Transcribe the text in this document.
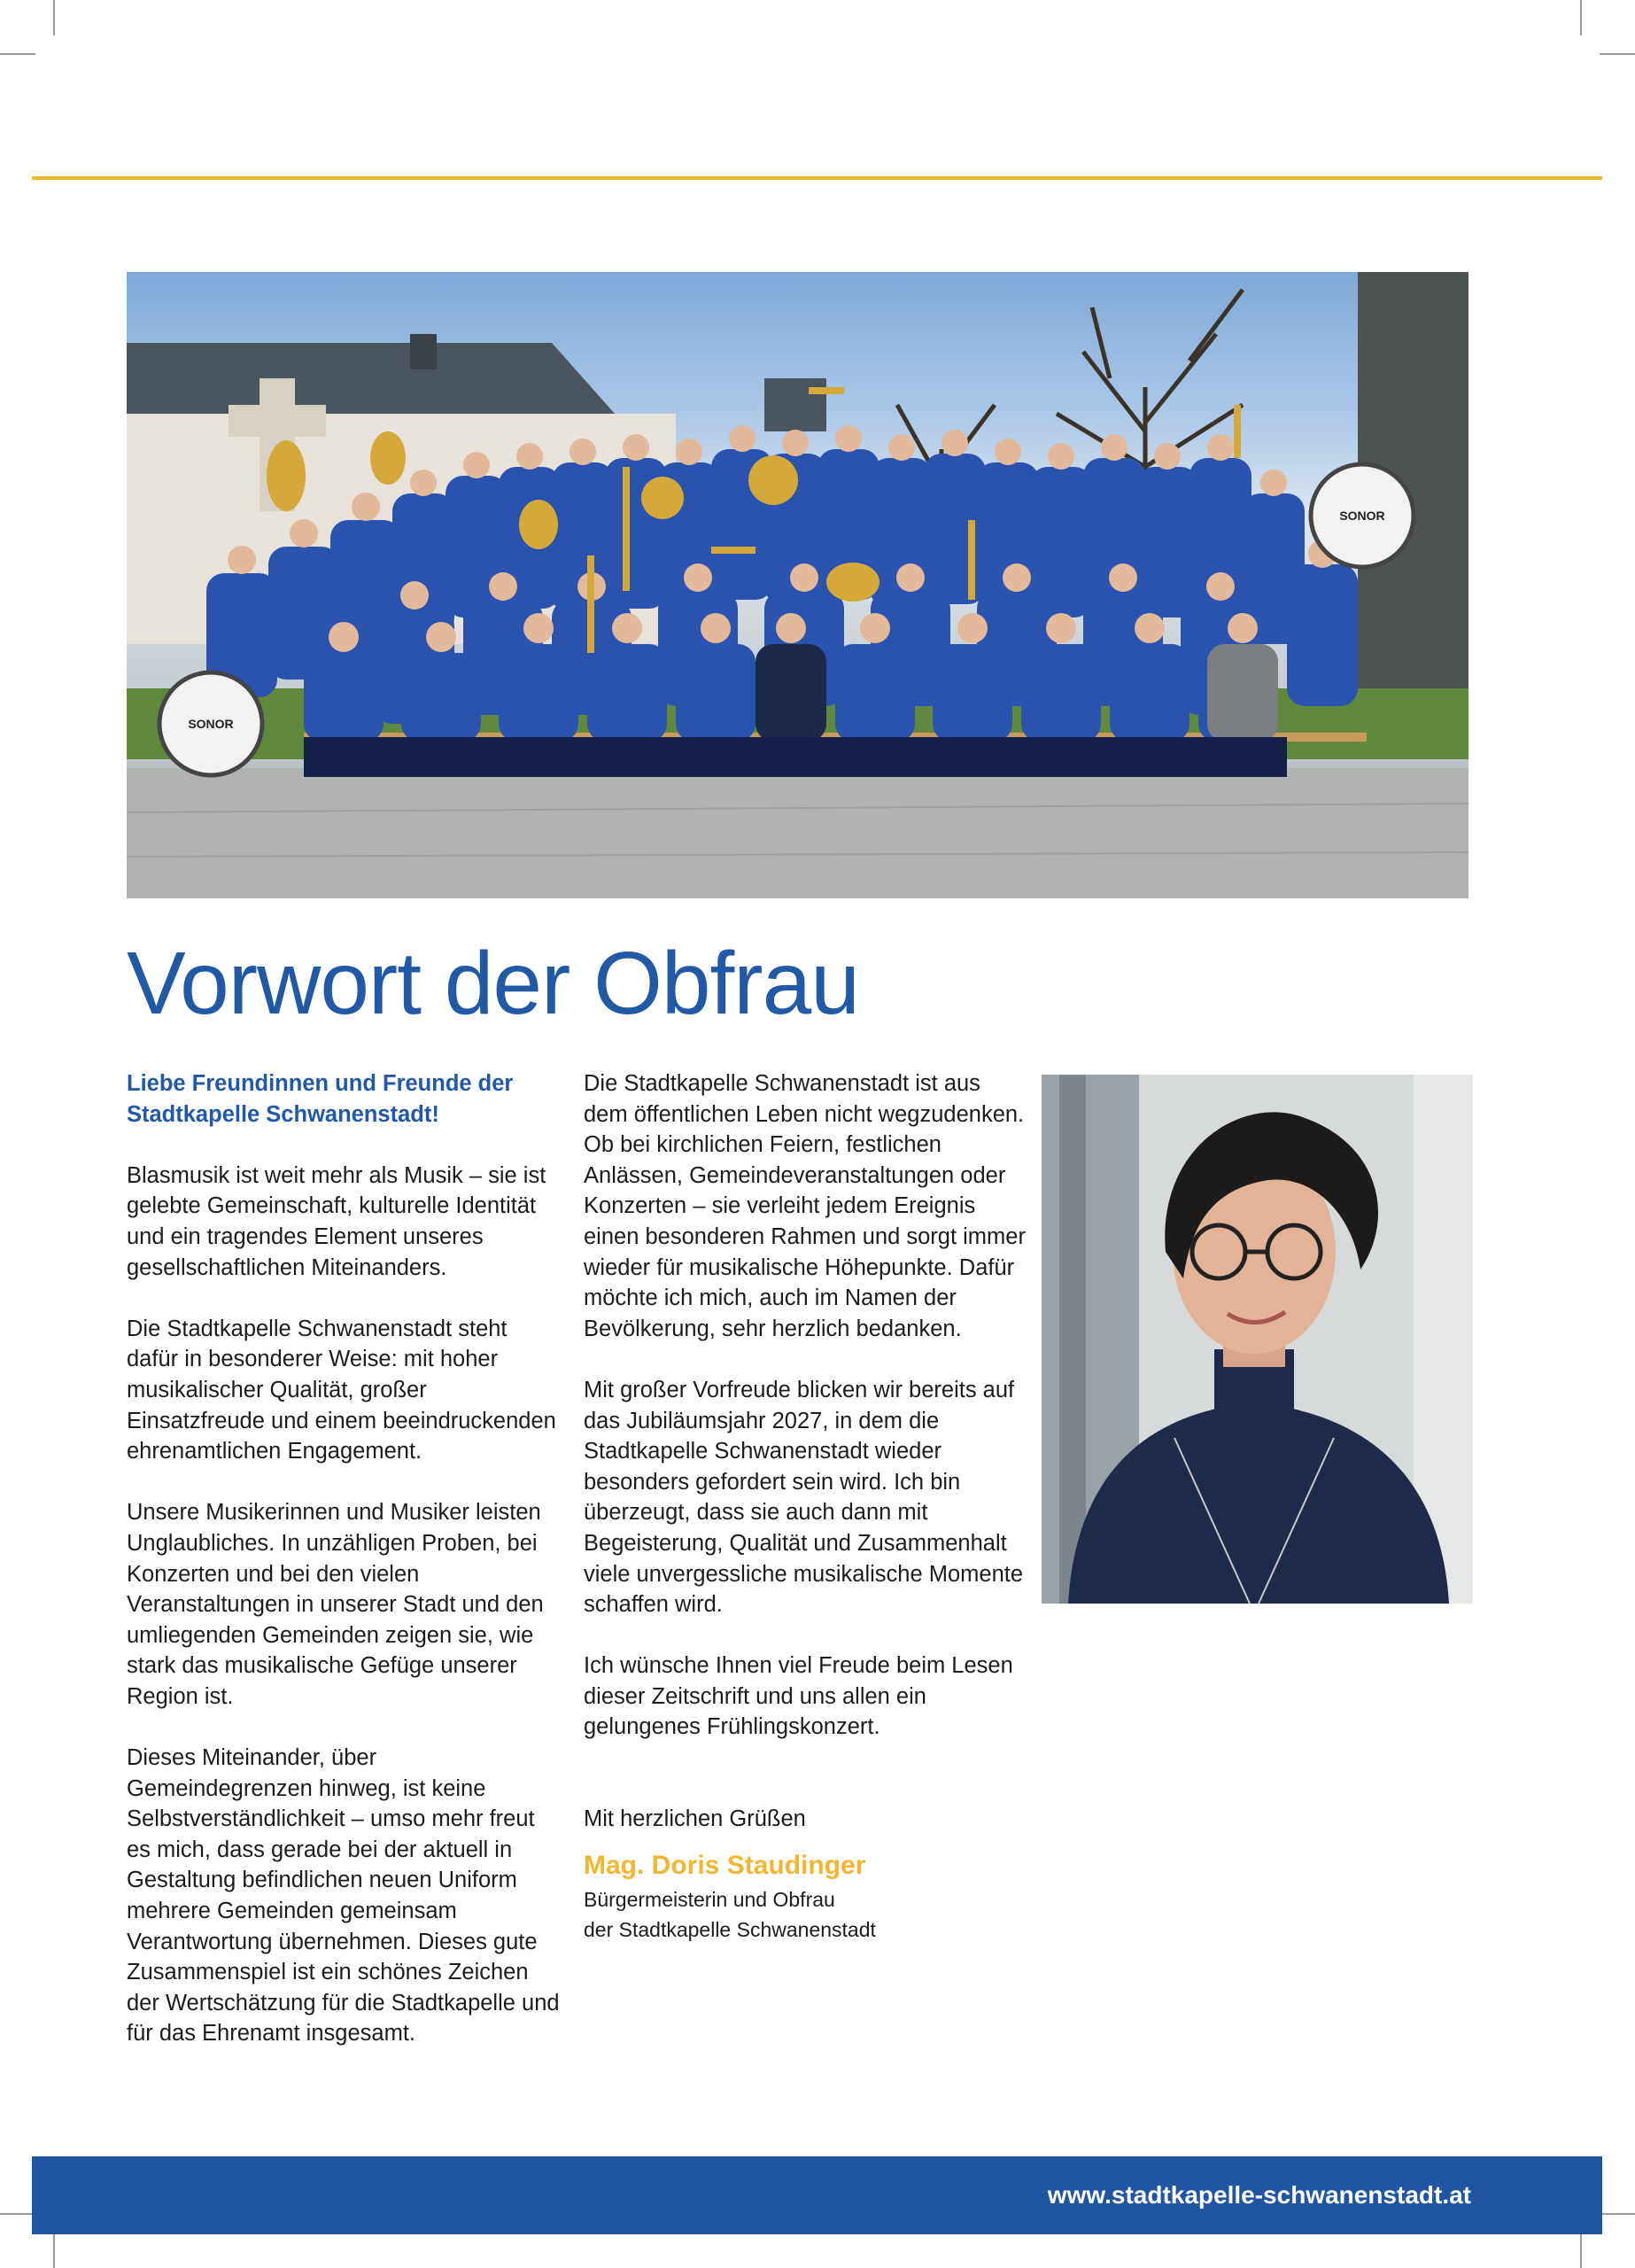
SONOR
SONOR
Vorwort der Obfrau

Liebe Freundinnen und Freunde der Stadtkapelle Schwanenstadt!

Blasmusik ist weit mehr als Musik – sie ist gelebte Gemeinschaft, kulturelle Identität und ein tragendes Element unseres gesellschaftlichen Miteinanders.

Die Stadtkapelle Schwanenstadt steht dafür in besonderer Weise: mit hoher musikalischer Qualität, großer Einsatzfreude und einem beeindruckenden ehrenamtlichen Engagement.

Unsere Musikerinnen und Musiker leisten Unglaubliches. In unzähligen Proben, bei Konzerten und bei den vielen Veranstaltungen in unserer Stadt und den umliegenden Gemeinden zeigen sie, wie stark das musikalische Gefüge unserer Region ist.

Dieses Miteinander, über Gemeindegrenzen hinweg, ist keine Selbstverständlichkeit – umso mehr freut es mich, dass gerade bei der aktuell in Gestaltung befindlichen neuen Uniform mehrere Gemeinden gemeinsam Verantwortung übernehmen. Dieses gute Zusammenspiel ist ein schönes Zeichen der Wertschätzung für die Stadtkapelle und für das Ehrenamt insgesamt.

Die Stadtkapelle Schwanenstadt ist aus dem öffentlichen Leben nicht wegzudenken. Ob bei kirchlichen Feiern, festlichen Anlässen, Gemeindeveranstaltungen oder Konzerten – sie verleiht jedem Ereignis einen besonderen Rahmen und sorgt immer wieder für musikalische Höhepunkte. Dafür möchte ich mich, auch im Namen der Bevölkerung, sehr herzlich bedanken.

Mit großer Vorfreude blicken wir bereits auf das Jubiläumsjahr 2027, in dem die Stadtkapelle Schwanenstadt wieder besonders gefordert sein wird. Ich bin überzeugt, dass sie auch dann mit Begeisterung, Qualität und Zusammenhalt viele unvergessliche musikalische Momente schaffen wird.

Ich wünsche Ihnen viel Freude beim Lesen dieser Zeitschrift und uns allen ein gelungenes Frühlingskonzert.

Mit herzlichen Grüßen

Mag. Doris Staudinger
Bürgermeisterin und Obfrau
der Stadtkapelle Schwanenstadt
www.stadtkapelle-schwanenstadt.at
